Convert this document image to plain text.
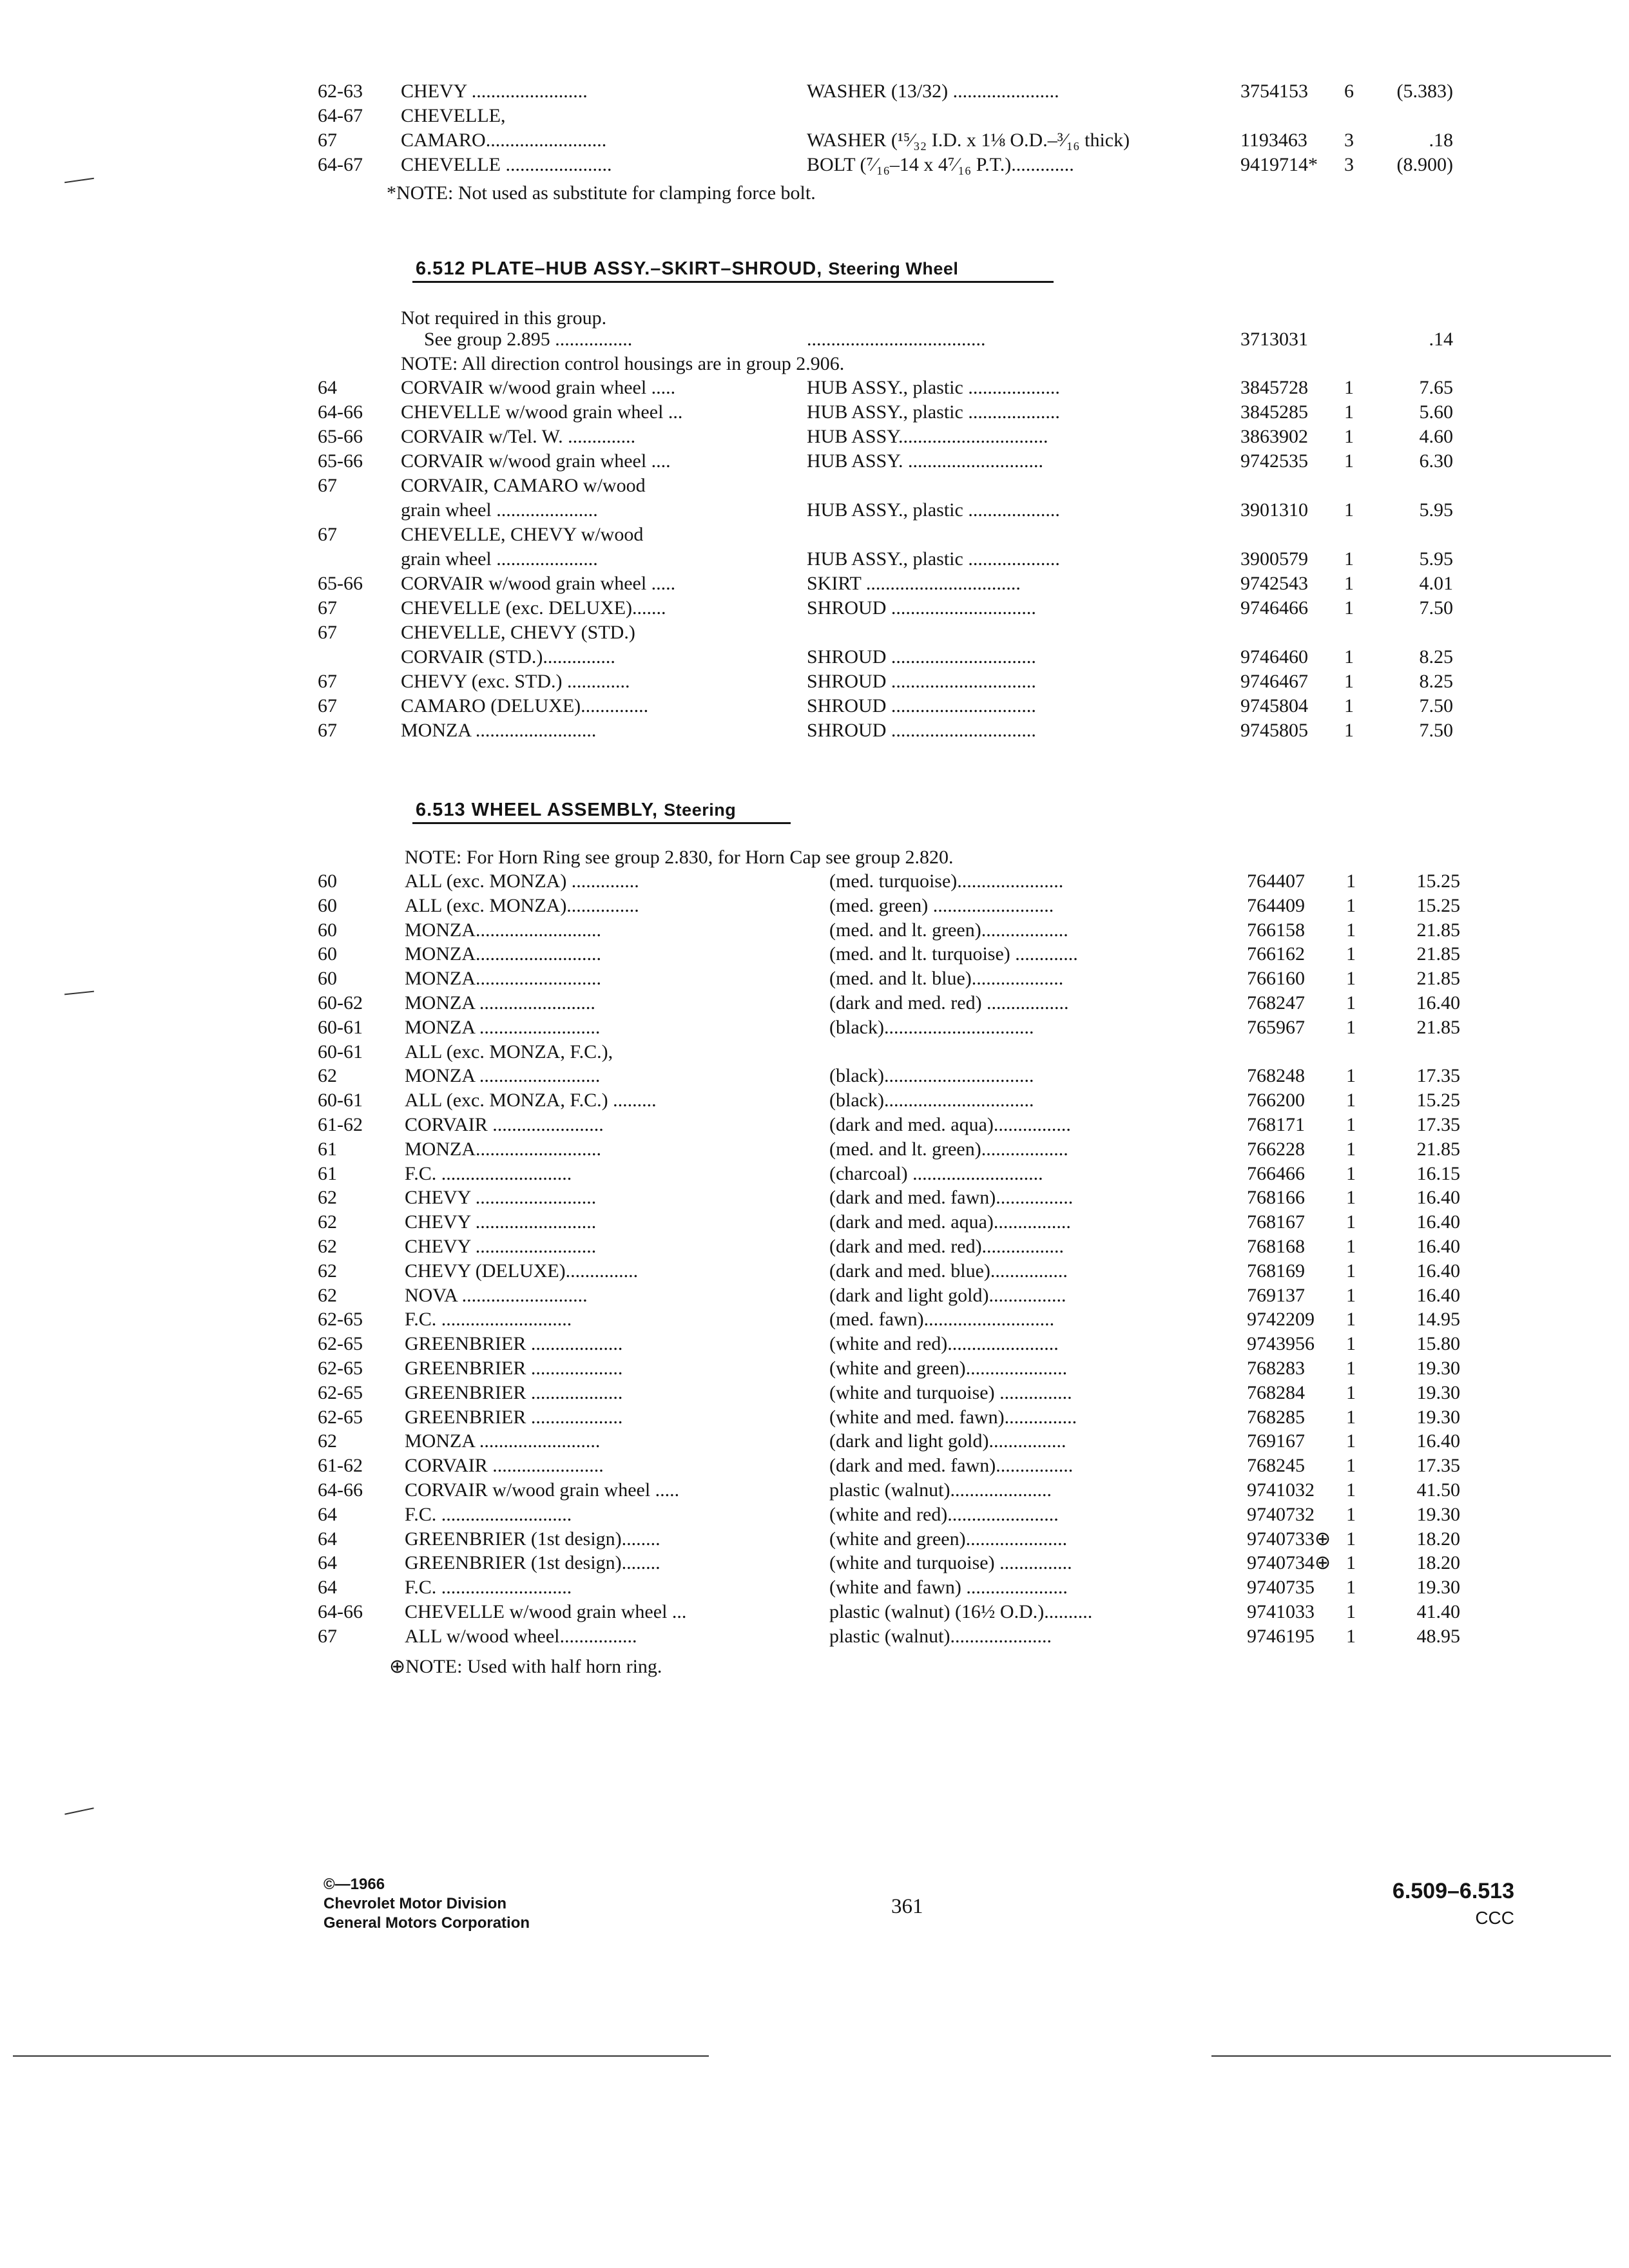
62-63 CHEVY ........................	WASHER (13/32) ......................	3754153 6 (5.383)
64-67 CHEVELLE,
67	CAMARO.........................	WASHER (¹⁵⁄₃₂ I.D. x 1⅛ O.D.–³⁄₁₆ thick)	1193463 3	.18
64-67 CHEVELLE ......................	BOLT (⁷⁄₁₆–14 x 4⁷⁄₁₆ P.T.).............	9419714* 3 (8.900)
*NOTE: Not used as substitute for clamping force bolt.
6.512 PLATE–HUB ASSY.–SKIRT–SHROUD, Steering Wheel
Not required in this group.
See group 2.895 ................	.....................................	3713031	.14
NOTE: All direction control housings are in group 2.906.
64	CORVAIR w/wood grain wheel .....	HUB ASSY., plastic ...................	3845728 1	7.65
64-66 CHEVELLE w/wood grain wheel ...	HUB ASSY., plastic ...................	3845285 1	5.60
65-66 CORVAIR w/Tel. W. ..............	HUB ASSY...............................	3863902 1	4.60
65-66 CORVAIR w/wood grain wheel ....	HUB ASSY. ............................	9742535 1	6.30
67	CORVAIR, CAMARO w/wood
grain wheel .....................	HUB ASSY., plastic ...................	3901310 1	5.95
67	CHEVELLE, CHEVY w/wood
grain wheel .....................	HUB ASSY., plastic ...................	3900579 1	5.95
65-66 CORVAIR w/wood grain wheel .....	SKIRT ................................	9742543 1	4.01
67	CHEVELLE (exc. DELUXE).......	SHROUD ..............................	9746466 1	7.50
67	CHEVELLE, CHEVY (STD.)
CORVAIR (STD.)...............	SHROUD ..............................	9746460 1	8.25
67	CHEVY (exc. STD.) .............	SHROUD ..............................	9746467 1	8.25
67	CAMARO (DELUXE)..............	SHROUD ..............................	9745804 1	7.50
67	MONZA .........................	SHROUD ..............................	9745805 1	7.50
6.513 WHEEL ASSEMBLY, Steering
NOTE: For Horn Ring see group 2.830, for Horn Cap see group 2.820.
60	ALL (exc. MONZA) ..............	(med. turquoise)......................	764407 1	15.25
60	ALL (exc. MONZA)...............	(med. green) .........................	764409 1	15.25
60	MONZA..........................	(med. and lt. green)..................	766158 1	21.85
60	MONZA..........................	(med. and lt. turquoise) .............	766162 1	21.85
60	MONZA..........................	(med. and lt. blue)...................	766160 1	21.85
60-62 MONZA ........................	(dark and med. red) .................	768247 1	16.40
60-61 MONZA .........................	(black)...............................	765967 1	21.85
60-61 ALL (exc. MONZA, F.C.),
62	MONZA .........................	(black)...............................	768248 1	17.35
60-61 ALL (exc. MONZA, F.C.) .........	(black)...............................	766200 1	15.25
61-62 CORVAIR .......................	(dark and med. aqua)................	768171 1	17.35
61	MONZA..........................	(med. and lt. green)..................	766228 1	21.85
61	F.C. ...........................	(charcoal) ...........................	766466 1	16.15
62	CHEVY .........................	(dark and med. fawn)................	768166 1	16.40
62	CHEVY .........................	(dark and med. aqua)................	768167 1	16.40
62	CHEVY .........................	(dark and med. red).................	768168 1	16.40
62	CHEVY (DELUXE)...............	(dark and med. blue)................	768169 1	16.40
62	NOVA ..........................	(dark and light gold)................	769137 1	16.40
62-65 F.C. ...........................	(med. fawn)...........................	9742209 1	14.95
62-65 GREENBRIER ...................	(white and red).......................	9743956 1	15.80
62-65 GREENBRIER ...................	(white and green).....................	768283 1	19.30
62-65 GREENBRIER ...................	(white and turquoise) ...............	768284 1	19.30
62-65 GREENBRIER ...................	(white and med. fawn)...............	768285 1	19.30
62	MONZA .........................	(dark and light gold)................	769167 1	16.40
61-62 CORVAIR .......................	(dark and med. fawn)................	768245 1	17.35
64-66 CORVAIR w/wood grain wheel .....	plastic (walnut).....................	9741032 1	41.50
64	F.C. ...........................	(white and red).......................	9740732 1	19.30
64	GREENBRIER (1st design)........	(white and green).....................	9740733⊕ 1	18.20
64	GREENBRIER (1st design)........	(white and turquoise) ...............	9740734⊕ 1	18.20
64	F.C. ...........................	(white and fawn) .....................	9740735 1	19.30
64-66 CHEVELLE w/wood grain wheel ...	plastic (walnut) (16½ O.D.)..........	9741033 1	41.40
67	ALL w/wood wheel................	plastic (walnut).....................	9746195 1	48.95
⊕NOTE: Used with half horn ring.
©—1966
Chevrolet Motor Division
General Motors Corporation
361
6.509–6.513
CCC
